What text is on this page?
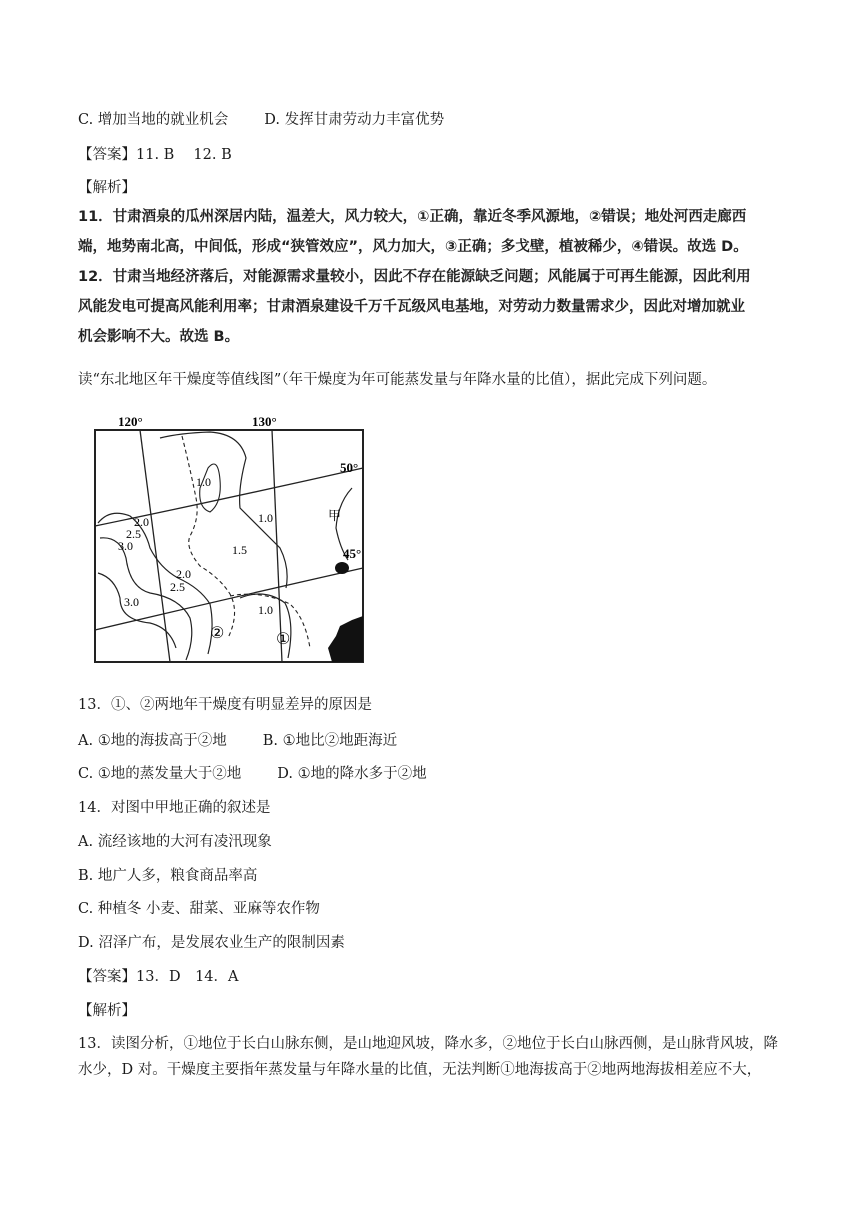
C. 增加当地的就业机会 D. 发挥甘肃劳动力丰富优势
【答案】11. B　 12. B
【解析】
11．甘肃酒泉的瓜州深居内陆，温差大，风力较大，①正确，靠近冬季风源地，②错误；地处河西走廊西
端，地势南北高，中间低，形成“狭管效应”，风力加大，③正确；多戈壁，植被稀少，④错误。故选 D。
12．甘肃当地经济落后，对能源需求量较小，因此不存在能源缺乏问题；风能属于可再生能源，因此利用
风能发电可提高风能利用率；甘肃酒泉建设千万千瓦级风电基地，对劳动力数量需求少，因此对增加就业
机会影响不大。故选 B。
读“东北地区年干燥度等值线图”（年干燥度为年可能蒸发量与年降水量的比值），据此完成下列问题。
120°	130°
50°
45°
1.0
2.0
2.5
3.0
1.0
1.5
2.0
2.5
3.0
1.0
甲
①
②
13．①、②两地年干燥度有明显差异的原因是
A. ①地的海拔高于②地 B. ①地比②地距海近
C. ①地的蒸发量大于②地 D. ①地的降水多于②地
14．对图中甲地正确的叙述是
A. 流经该地的大河有凌汛现象
B. 地广人多，粮食商品率高
C. 种植冬 小麦、甜菜、亚麻等农作物
D. 沼泽广布，是发展农业生产的限制因素
【答案】13．D　14．A
【解析】
13．读图分析，①地位于长白山脉东侧，是山地迎风坡，降水多，②地位于长白山脉西侧，是山脉背风坡，降水少，D 对。干燥度主要指年蒸发量与年降水量的比值，无法判断①地海拔高于②地两地海拔相差应不大，
